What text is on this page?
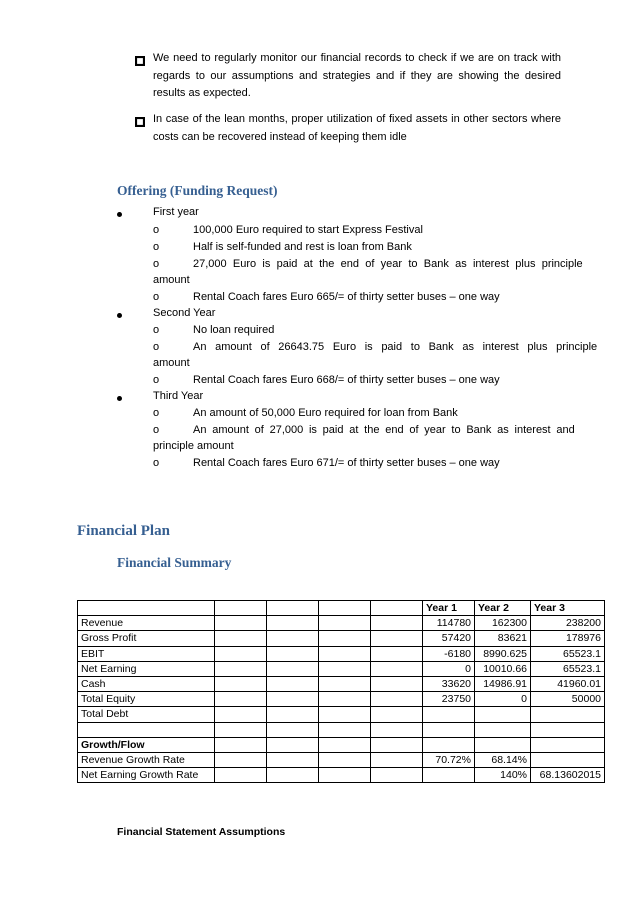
We need to regularly monitor our financial records to check if we are on track with regards to our assumptions and strategies and if they are showing the desired results as expected.
In case of the lean months, proper utilization of fixed assets in other sectors where costs can be recovered instead of keeping them idle
Offering (Funding Request)
First year
o	100,000 Euro required to start Express Festival
o	Half is self-funded and rest is loan from Bank
o	27,000 Euro is paid at the end of year to Bank as interest plus principle
amount
o	Rental Coach fares Euro 665/= of thirty setter buses – one way
Second Year
o	No loan required
o	An amount of 26643.75 Euro is paid to Bank as interest plus principle
amount
o	Rental Coach fares Euro 668/= of thirty setter buses – one way
Third Year
o	An amount of 50,000 Euro required for loan from Bank
o	An amount of 27,000 is paid at the end of year to Bank as interest and
principle amount
o	Rental Coach fares Euro 671/= of thirty setter buses – one way
Financial Plan
Financial Summary
					Year 1	Year 2	Year 3
Revenue					114780	162300	238200
Gross Profit					57420	83621	178976
EBIT					-6180	8990.625	65523.1
Net Earning					0	10010.66	65523.1
Cash					33620	14986.91	41960.01
Total Equity					23750	0	50000
Total Debt							

Growth/Flow							
Revenue Growth Rate					70.72%	68.14%	
Net Earning Growth Rate						140%	68.13602015
Financial Statement Assumptions
